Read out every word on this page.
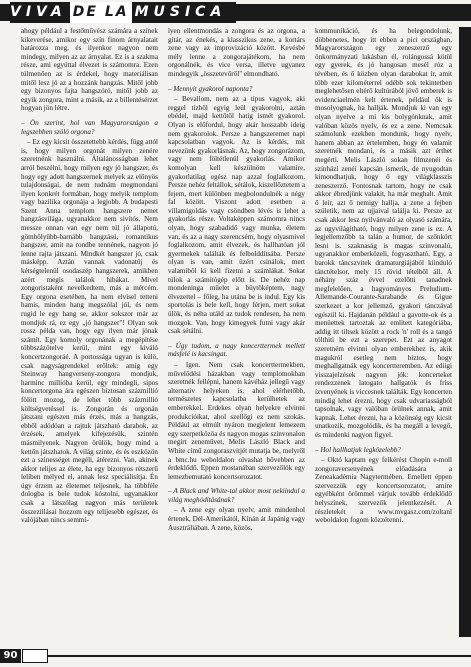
VIVA DE LA MUSICA

ahogy például a festőművész számára a színek kikeverése, amikor egy szín finom árnyalatait határozza meg, és ilyenkor nagyon nem mindegy, milyen az az árnyalat. Ez is a szakma része, ami egyúttal élvezet is számomra. Ezen túlmenően az is érdekel, hogy materiálisan mitől lesz jó az a hozzánk hangzás. Mitől jobb egy bizonyos fajta hangszóró, mitől jobb az egyik zongora, mint a másik, az a billentésérzet hogyan jön létre.

– Ön szerint, hol van Magyarországon a legszebben szóló orgona?

– Ez egy kicsit összetettebb kérdés, függ attól is, hogy milyen orgonát milyen zenére szeretnénk használni. Általánosságban lehet arról beszélni, hogy milyen egy jó hangszer, és hogy egy adott hangszernek melyek az előnyös tulajdonságai, de nem tudnám megmondani ilyen konkrét formában, hogy melyik templom vagy bazilika orgonája a legjobb. A budapesti Szent Anna templom hangszere nemet hangzásvilága, ugyanakkor nem sivítós. Nem messze onnan van egy nem túl jó állapotú, gömbölyűbb-barnább hangzású, romantikus hangszer, amit na rondbe tennének, nagyon jó lenne rajta játszani. Mindkét hangszer jó, csak másképp. Aztán vannak vadonatúj és kétségtelenül osodaszép hangszerek, amikben azért megis találok hibákat. Mivel zongoristaként nevelkedtem, más a mércém. Egy orgona esetében, ha nem elvisel tetteni hamis, minden hang megszólal jól, és nem rugid le egy hang se, akkor sokszor már az mondjuk rá, ez egy „jó hangszer"! Olyan sok rossz példa van, hogy egy ilyen már jónak számít. Egy komoly orgonának a megépítése többszázötelve kerül, mint egy kiváló koncertzongoráé. A portossága ugyan is külö, csak nagyságrendekel erőltek: amíg egy Steinway hangverseny-zongora mondjuk, harminc millióba kerül, egy mindegli, sipos koncertorgona ára egészen biztosan százmillió fölött mozog, de lehet több százmillió költségvetéssel is. Zongorán és orgonán játszani egészen más érzés, más a hangzás, ebből adódóan a rajtuk játszható darabok, az érzések, amelyek kifejezésük, szintén másmilyenek. Nagyon örülök, hogy mind a kettőn játszhatok. A világ szinte, és és eszközön ezt a szinességet megéli, átérezni. Van, akinek akkor telijes az élete, ha egy bizonyos rétszerű lelíben mélyed el, annak lesz speciálisítja. Én úgy érzem az életemet teljesnek, ha többféle dologba is bele tudok kóstolni, ugyanakkor csak a látszólag nagyon más területek összezillásai hozzom egy telijesebb egészet, és valójában nincs semmi-

lyen ellentmondás a zongora és az orgona, a gitár, az énekés, a klasszikus zene, a kortárs zene vagy az improvizáció között. Kevésbé mély lenne a zongorajátékom, ha nem orgonálnék, és vice versa, illetve ugyanez mindegyik „összetevőről" elmondható.

– Mennyit gyakorol naponta?

– Bevallom, nem az a típus vagyok, aki reggel tízből egyig leül gyakorolni, aztán ebédel, majd kettőtől hatig ismét gyakorol. Olyan is előfordul, hogy akár hosszabb ideig nem gyakorolok. Persze a hangszeremet napi kapcsolatban vagyok. Az is kérdés, mit nevezünk gyakorlásnak. Az, hogy zongorázom, vagy nem föltétlenül gyakorlás. Amikor komolyan kell készülnöm valamire, gyakorlatilag egész nap azzal foglalkozom. Persze nehéz feltállok, sétálok, kiszellőztetem a fejem, mert különben megbolondulnék a négy fal között. Viszont adott esetben a villamigoldás vagy csöndben lévés is lehet a gyakorlás része. Voltaképpen számomra nincs olyan, hogy szabadidő vagy munka, életem van, és az a nagy szerencsém, hogy olyasmivel foglalkozom, amit élvezek, és hallhatóan jól gyermekek találták és felbolddítsába. Persze olyan is van, amit üzért csinálok, mert valamiből ki kell fizetni a számlákat. Sokat túlok a számítógép előtt is. De nehéz nap mondeninga műelet a büytöképtem, nagy élvezettel – főleg, ha utána be is indul. Egy kis sportolás is bele kell, hogy férjen, mert sokat ülök, és néha utáld az tudok rendesen, ha nem mozgok. Van, hogy kimegyek futni vagy akár csak sétálni.

– Úgy tudom, a nagy koncerttermek mellett másfelé is kacsingat.

– Igen. Nem csak koncerttermekben, művelődési házakban vagy templomokban szeretnék fellépni, hanem kávéház jellegű vagy alternatív helyeken is, ahol elérhetőbb, természetes kapcsolatba kerülhetek az emberekkel. Erdekes olyan helyekre elvinni produkcióikat, ahol szellőgi ez nem szokás. Például az elmúlt nyáron megjelent lemezem egy szerpetközöa és nagyon mogas színvonalon megírt zeneművet, Melis László Black and White című zongoraszvitjét mutatja be, melyről a bmc.hu weboldalon olvashat bővebben az érdeklődő. Eppen mostanában szervezőlök egy lemezbemutató koncertsorozatot.

– A Black and White-tal akkor most nekiindul a világ meghódításának?

– A zene egy olyan nyelv, amit mindenhol értenek, Dél-Amerikától, Kínán át Japánig vagy Ausztráliában. A zene, közös,

kommunikáció, és ha belegondolunk, döbbenetes, hogy itt ebben a pici országban, Magyarországon egy zeneszerző egy önkormányzati lakásban él, rolángossá kötül egy gyerek, és jó hangosan mesél róz a tévében, és ő közben olyan darabokat ír, amit több ezer kilométerrel odébb sok tekintetben meglehetősen eltérő kultúrából jövő emberek is evidenciaelmén kelt értenek, például ők is mosolyognak, ha hallják. Mondjuk ki van egy olyan nyelve a mi kis bolygónknak, amit valóban közös nyelv, és ez a zene. Nemcsak számolunk ezekben mondunk, hogy nyelv, hanem abban az értelemben, hogy én valamit szeretnék mondani, és a másik azt érthet megérti. Melis László sokan filmzenéi és színházi zenéi kapcsán ismerik, de nyugodtan kimondhatjuk, hogy ő egy világklasszis zeneszerző. Fontosnak tartom, hogy ne csak akkor ébredjünk valakit, ha már meghalt. Amit ő leír, azt ő nemigy hallja, a zene a fejben születik, nem az ujjaival találja ki. Persze az csak akkor lesz nyilvánvaló az olyasó számára, az ugyvilágítható, hogy milyen zene is ez. A legjellemzőbb ta talán a humor, de szőnkört lesni is. szaknaság is magas színvonalú, ugyanakkor emberközeli, fogyasztható. Egy, a barokk táncszvitek dramaturgiájából kiinduló tánctételsor, mely 15 rövid tételből áll. A néhány száz évvel ezelőtti tanadnek megfelelően, a hagyományos Preludium-Allemande-Courante-Sarabande és Gigue szerkezet a kor jellemző, gyakori tánczával egészül ki. Hajdanán például a gavotte-ok és a menüettek tartoztak az említett kategóriába, addig itt tiltsek között a rock 'n' roll és a tangó tölthiti be ezt a szerepet. Ezt az anyagot szeretném elvinni olyan emberekhez is, akik magukról esetleg nem biztos, hogy meghallgatnák egy koncertteremben. Az ediigi visszajelzések nagyon jók: koncerteket rendezzenek latogato hallgatók és friss ízvenyének is viccesnek találták. Egy koncerten mindig lehet érezni, hogy csak udvariasságból tapsolnak, vagy valóban örülnek annak, amit kapnak. Lehet érezni, ha a közönség egy kicsit unatkozik, mozgolódik, és ha megáll a levegő, és mindenki nagyon figyel.

– Hol hallhatjuk legközelebb?

– Októ kaptam egy felkérést Chopin e-moll zongoraversenyének előadására a Zeneakadémia Nagytermében. Emellett éppen szervezzük egy koncertsorozatot, amire egyébként örömmel várjuk tovább érdeklődő helyszínek, szervezők jelentkezését. A részletekét a www.mvgasz.com/zoltanl weboldalon fogom közzétenni.

90
